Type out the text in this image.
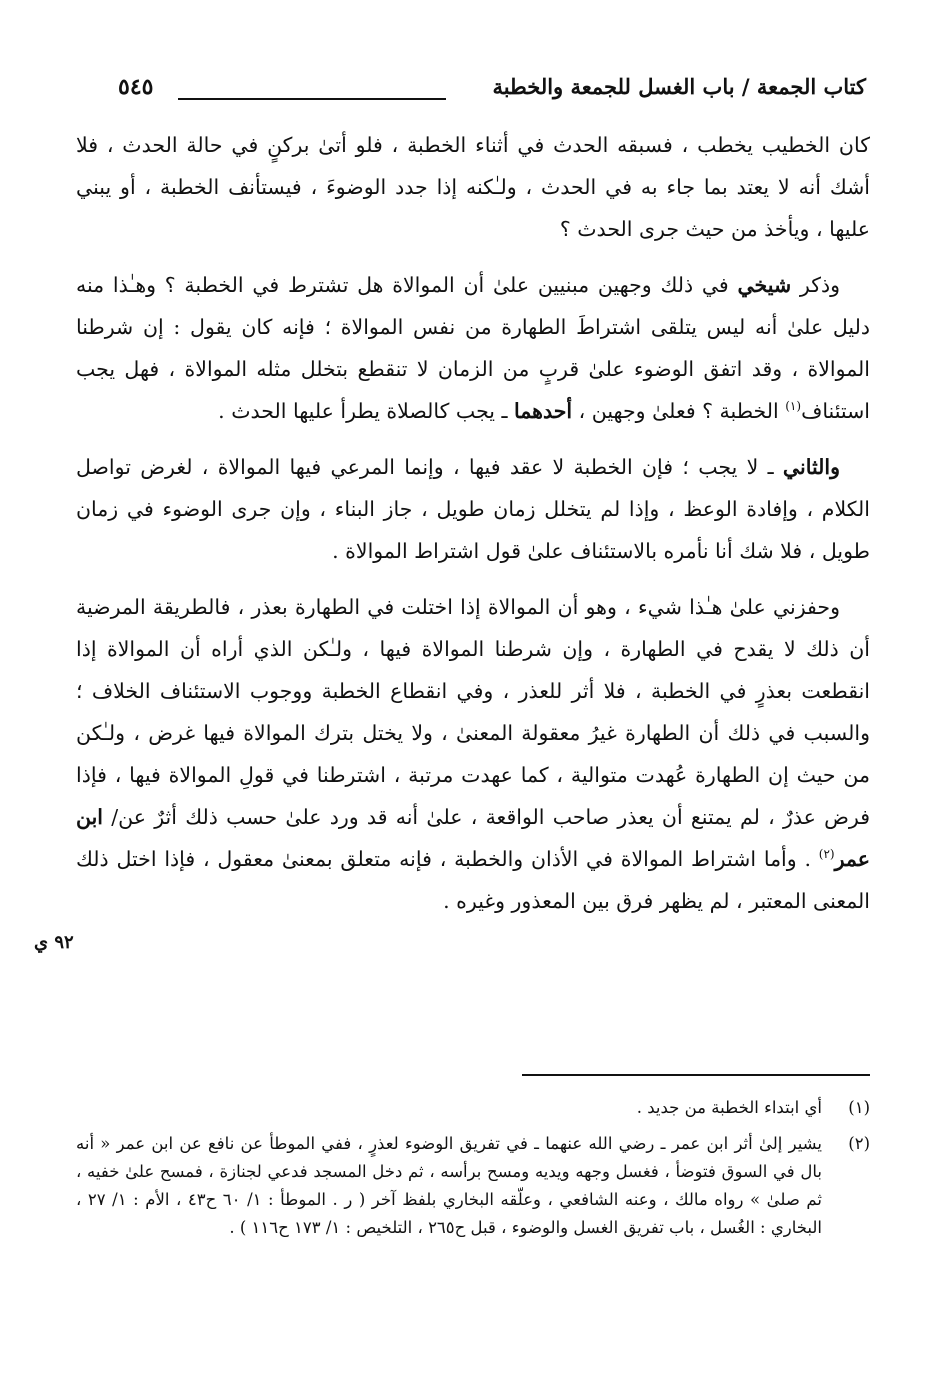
كتاب الجمعة / باب الغسل للجمعة والخطبة
٥٤٥

كان الخطيب يخطب ، فسبقه الحدث في أثناء الخطبة ، فلو أتىٰ بركنٍ في حالة الحدث ، فلا أشك أنه لا يعتد بما جاء به في الحدث ، ولـٰكنه إذا جدد الوضوءَ ، فيستأنف الخطبة ، أو يبني عليها ، ويأخذ من حيث جرى الحدث ؟

وذكر شيخي في ذلك وجهين مبنيين علىٰ أن الموالاة هل تشترط في الخطبة ؟ وهـٰذا منه دليل علىٰ أنه ليس يتلقى اشتراطَ الطهارة من نفس الموالاة ؛ فإنه كان يقول : إن شرطنا الموالاة ، وقد اتفق الوضوء علىٰ قربٍ من الزمان لا تنقطع بتخلل مثله الموالاة ، فهل يجب استئناف$^{(١)}$ الخطبة ؟ فعلىٰ وجهين ، أحدهما ـ يجب كالصلاة يطرأ عليها الحدث .

والثاني ـ لا يجب ؛ فإن الخطبة لا عقد فيها ، وإنما المرعي فيها الموالاة ، لغرض تواصل الكلام ، وإفادة الوعظ ، وإذا لم يتخلل زمان طويل ، جاز البناء ، وإن جرى الوضوء في زمان طويل ، فلا شك أنا نأمره بالاستئناف علىٰ قول اشتراط الموالاة .

وحفزني علىٰ هـٰذا شيء ، وهو أن الموالاة إذا اختلت في الطهارة بعذر ، فالطريقة المرضية أن ذلك لا يقدح في الطهارة ، وإن شرطنا الموالاة فيها ، ولـٰكن الذي أراه أن الموالاة إذا انقطعت بعذرٍ في الخطبة ، فلا أثر للعذر ، وفي انقطاع الخطبة ووجوب الاستئناف الخلاف ؛ والسبب في ذلك أن الطهارة غيرُ معقولة المعنىٰ ، ولا يختل بترك الموالاة فيها غرض ، ولـٰكن من حيث إن الطهارة عُهدت متوالية ، كما عهدت مرتبة ، اشترطنا في قولِ الموالاة فيها ، فإذا فرض عذرٌ ، لم يمتنع أن يعذر صاحب الواقعة ، علىٰ أنه قد ورد علىٰ حسب ذلك أثرٌ عن/ ابن عمر$^{(٢)}$ . وأما اشتراط الموالاة في الأذان والخطبة ، فإنه متعلق بمعنىٰ معقول ، فإذا اختل ذلك المعنى المعتبر ، لم يظهر فرق بين المعذور وغيره .

٩٢ ي
(١)
أي ابتداء الخطبة من جديد .
(٢)
يشير إلىٰ أثر ابن عمر ـ رضي الله عنهما ـ في تفريق الوضوء لعذرٍ ، ففي الموطأ عن نافع عن ابن عمر « أنه بال في السوق فتوضأ ، فغسل وجهه ويديه ومسح برأسه ، ثم دخل المسجد فدعي لجنازة ، فمسح علىٰ خفيه ، ثم صلىٰ » رواه مالك ، وعنه الشافعي ، وعلّقه البخاري بلفظ آخر ( ر . الموطأ : ١/ ٦٠ ح٤٣ ، الأم : ١/ ٢٧ ، البخاري : الغُسل ، باب تفريق الغسل والوضوء ، قبل ح٢٦٥ ، التلخيص : ١/ ١٧٣ ح١١٦ ) .
